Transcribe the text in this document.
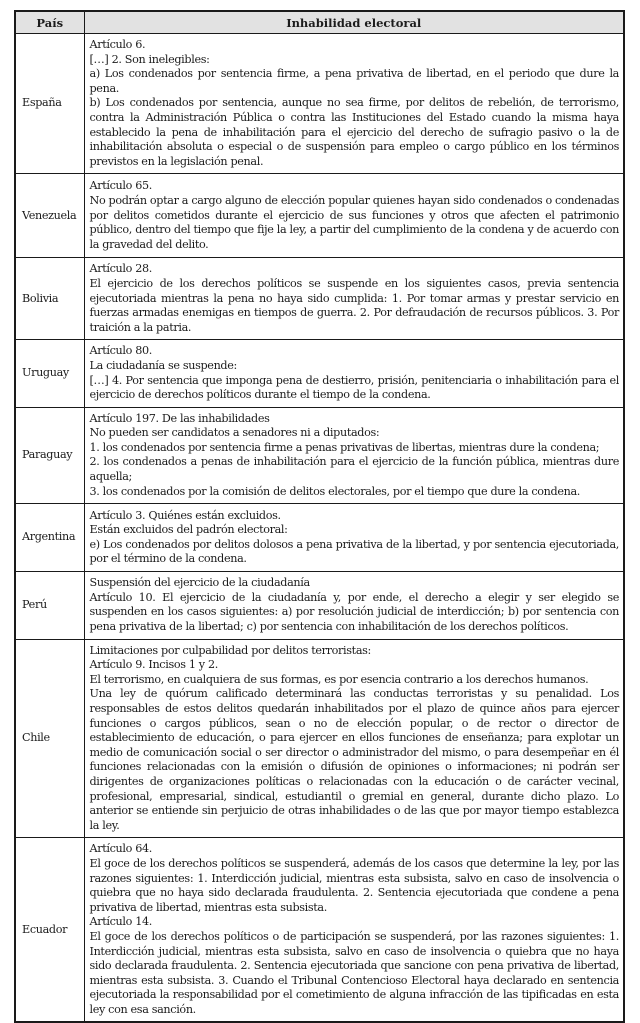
País	Inhabilidad electoral
España	Artículo 6.
[…] 2. Son inelegibles:
a) Los condenados por sentencia firme, a pena privativa de libertad, en el periodo que dure la pena.
b) Los condenados por sentencia, aunque no sea firme, por delitos de rebelión, de terrorismo, contra la Administración Pública o contra las Instituciones del Estado cuando la misma haya establecido la pena de inhabilitación para el ejercicio del derecho de sufragio pasivo o la de inhabilitación absoluta o especial o de suspensión para empleo o cargo público en los términos previstos en la legislación penal.

Venezuela	Artículo 65.
No podrán optar a cargo alguno de elección popular quienes hayan sido condenados o condenadas por delitos cometidos durante el ejercicio de sus funciones y otros que afecten el patrimonio público, dentro del tiempo que fije la ley, a partir del cumplimiento de la condena y de acuerdo con la gravedad del delito.

Bolivia	Artículo 28.
El ejercicio de los derechos políticos se suspende en los siguientes casos, previa sentencia ejecutoriada mientras la pena no haya sido cumplida: 1. Por tomar armas y prestar servicio en fuerzas armadas enemigas en tiempos de guerra. 2. Por defraudación de recursos públicos. 3. Por traición a la patria.

Uruguay	Artículo 80.
La ciudadanía se suspende:
[…] 4. Por sentencia que imponga pena de destierro, prisión, penitenciaria o inhabilitación para el ejercicio de derechos políticos durante el tiempo de la condena.

Paraguay	Artículo 197. De las inhabilidades
No pueden ser candidatos a senadores ni a diputados:
1. los condenados por sentencia firme a penas privativas de libertas, mientras dure la condena;
2. los condenados a penas de inhabilitación para el ejercicio de la función pública, mientras dure aquella;
3. los condenados por la comisión de delitos electorales, por el tiempo que dure la condena.

Argentina	Artículo 3. Quiénes están excluidos.
Están excluidos del padrón electoral:
e) Los condenados por delitos dolosos a pena privativa de la libertad, y por sentencia ejecutoriada, por el término de la condena.

Perú	Suspensión del ejercicio de la ciudadanía
Artículo 10. El ejercicio de la ciudadanía y, por ende, el derecho a elegir y ser elegido se suspenden en los casos siguientes: a) por resolución judicial de interdicción; b) por sentencia con pena privativa de la libertad; c) por sentencia con inhabilitación de los derechos políticos.

Chile	Limitaciones por culpabilidad por delitos terroristas:
Artículo 9. Incisos 1 y 2.
El terrorismo, en cualquiera de sus formas, es por esencia contrario a los derechos humanos.
Una ley de quórum calificado determinará las conductas terroristas y su penalidad. Los responsables de estos delitos quedarán inhabilitados por el plazo de quince años para ejercer funciones o cargos públicos, sean o no de elección popular, o de rector o director de establecimiento de educación, o para ejercer en ellos funciones de enseñanza; para explotar un medio de comunicación social o ser director o administrador del mismo, o para desempeñar en él funciones relacionadas con la emisión o difusión de opiniones o informaciones; ni podrán ser dirigentes de organizaciones políticas o relacionadas con la educación o de carácter vecinal, profesional, empresarial, sindical, estudiantil o gremial en general, durante dicho plazo. Lo anterior se entiende sin perjuicio de otras inhabilidades o de las que por mayor tiempo establezca la ley.

Ecuador	Artículo 64.
El goce de los derechos políticos se suspenderá, además de los casos que determine la ley, por las razones siguientes: 1. Interdicción judicial, mientras esta subsista, salvo en caso de insolvencia o quiebra que no haya sido declarada fraudulenta. 2. Sentencia ejecutoriada que condene a pena privativa de libertad, mientras esta subsista.
Artículo 14.
El goce de los derechos políticos o de participación se suspenderá, por las razones siguientes: 1. Interdicción judicial, mientras esta subsista, salvo en caso de insolvencia o quiebra que no haya sido declarada fraudulenta. 2. Sentencia ejecutoriada que sancione con pena privativa de libertad, mientras esta subsista. 3. Cuando el Tribunal Contencioso Electoral haya declarado en sentencia ejecutoriada la responsabilidad por el cometimiento de alguna infracción de las tipificadas en esta ley con esa sanción.
